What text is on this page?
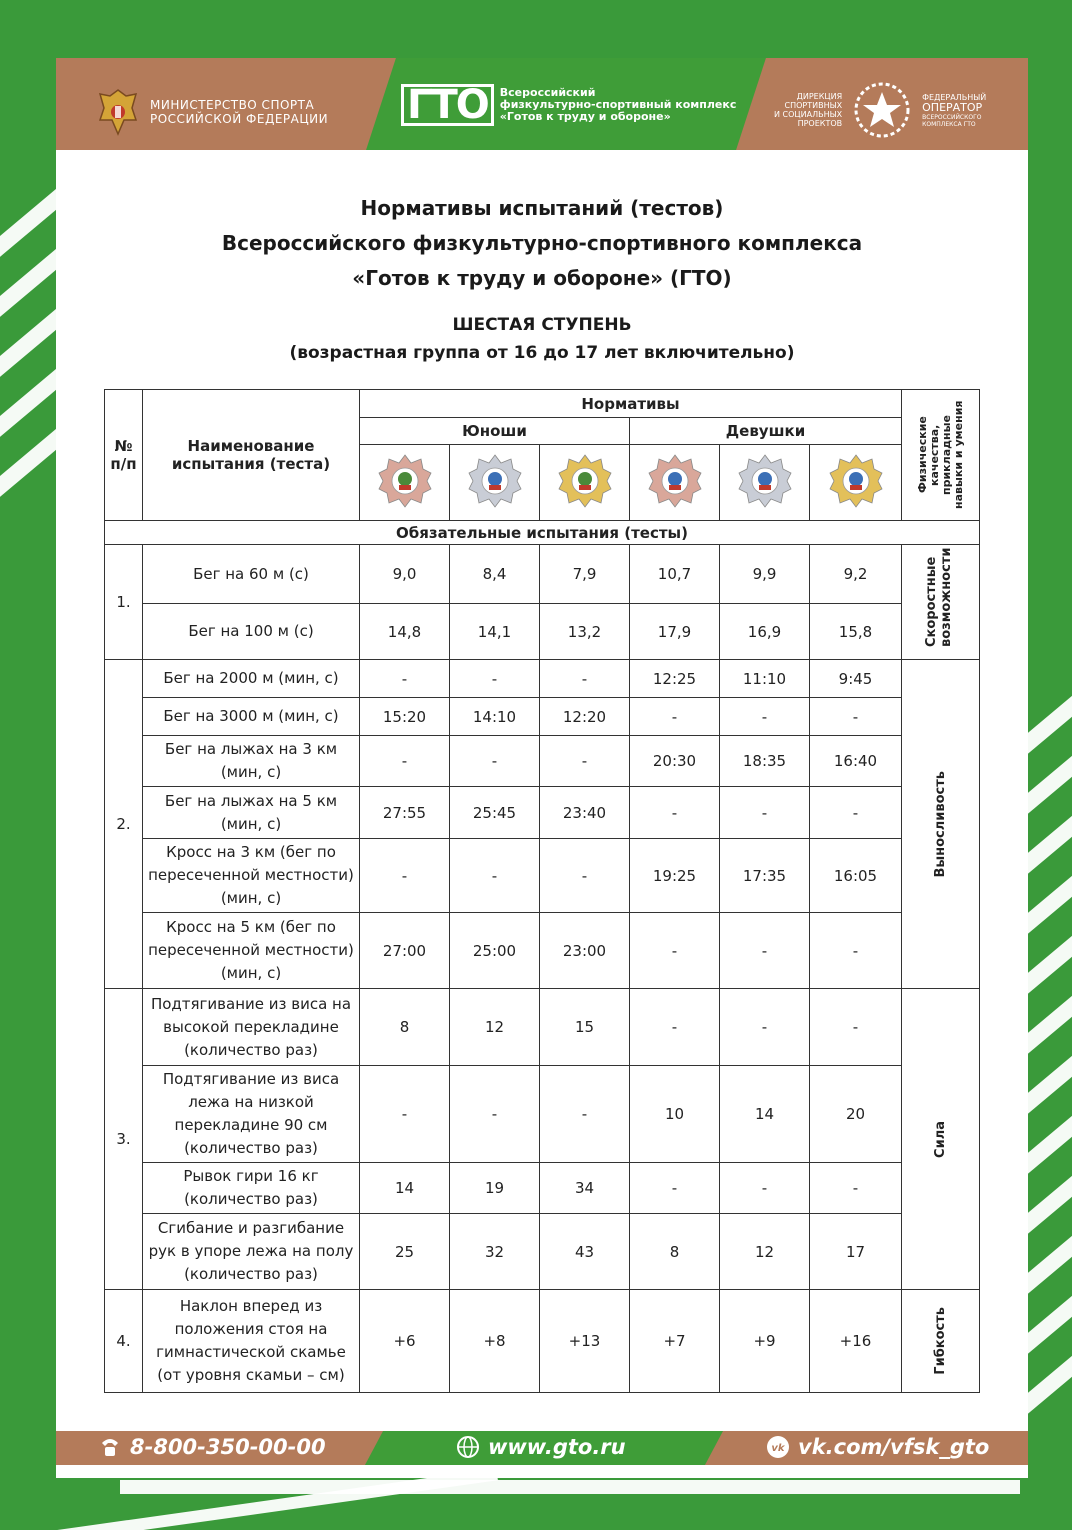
МИНИСТЕРСТВО СПОРТА
РОССИЙСКОЙ ФЕДЕРАЦИИ ГТО	Всероссийский
физкультурно-спортивный комплекс
«Готов к труду и обороне»
ДИРЕКЦИЯ
СПОРТИВНЫХ
И СОЦИАЛЬНЫХ
ПРОЕКТОВ
ФЕДЕРАЛЬНЫЙ
ОПЕРАТОР
ВСЕРОССИЙСКОГО
КОМПЛЕКСА ГТО
Нормативы испытаний (тестов)
Всероссийского физкультурно-спортивного комплекса
«Готов к труду и обороне» (ГТО)
ШЕСТАЯ СТУПЕНЬ
(возрастная группа от 16 до 17 лет включительно)
№ п/п	Наименование испытания (теста)	Нормативы						Физические качества, прикладные навыки и умения

		Юноши			Девушки			

Обязательные испытания (тесты)								
1.	Бег на 60 м (с)	9,0	8,4	7,9	10,7	9,9	9,2	Скоростные возможности

	Бег на 100 м (с)	14,8	14,1	13,2	17,9	16,9	15,8	
2.	Бег на 2000 м (мин, с)	-	-	-	12:25	11:10	9:45	Выносливость

	Бег на 3000 м (мин, с)	15:20	14:10	12:20	-	-	-	
	Бег на лыжах на 3 км (мин, с)	-	-	-	20:30	18:35	16:40	
	Бег на лыжах на 5 км (мин, с)	27:55	25:45	23:40	-	-	-	
	Кросс на 3 км (бег по пересеченной местности) (мин, с)	-	-	-	19:25	17:35	16:05	
	Кросс на 5 км (бег по пересеченной местности) (мин, с)	27:00	25:00	23:00	-	-	-	
3.	Подтягивание из виса на высокой перекладине (количество раз)	8	12	15	-	-	-	Сила

	Подтягивание из виса лежа на низкой перекладине 90 см (количество раз)	-	-	-	10	14	20	
	Рывок гири 16 кг (количество раз)	14	19	34	-	-	-	
	Сгибание и разгибание рук в упоре лежа на полу (количество раз)	25	32	43	8	12	17	
4.	Наклон вперед из положения стоя на гимнастической скамье (от уровня скамьи – см)	+6	+8	+13	+7	+9	+16	Гибкость
8-800-350-00-00	www.gto.ru	vk vk.com/vfsk_gto
